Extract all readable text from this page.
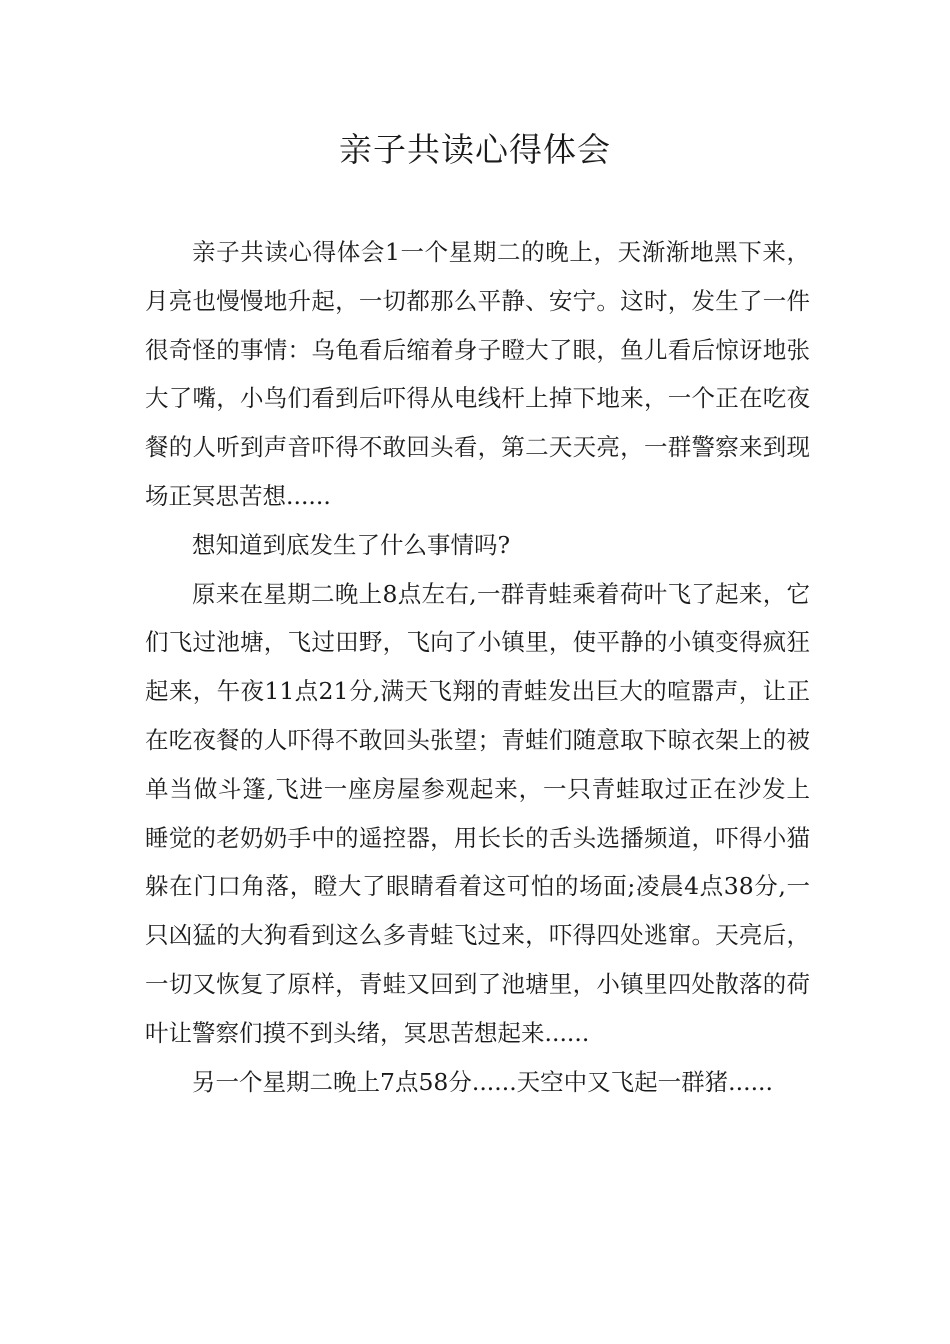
亲子共读心得体会

亲子共读心得体会1一个星期二的晚上，天渐渐地黑下来，月亮也慢慢地升起，一切都那么平静、安宁。这时，发生了一件很奇怪的事情：乌龟看后缩着身子瞪大了眼，鱼儿看后惊讶地张大了嘴，小鸟们看到后吓得从电线杆上掉下地来，一个正在吃夜餐的人听到声音吓得不敢回头看，第二天天亮，一群警察来到现场正冥思苦想......

想知道到底发生了什么事情吗?

原来在星期二晚上8点左右,一群青蛙乘着荷叶飞了起来，它们飞过池塘，飞过田野，飞向了小镇里，使平静的小镇变得疯狂起来，午夜11点21分,满天飞翔的青蛙发出巨大的喧嚣声，让正在吃夜餐的人吓得不敢回头张望；青蛙们随意取下晾衣架上的被单当做斗篷,飞进一座房屋参观起来，一只青蛙取过正在沙发上睡觉的老奶奶手中的遥控器，用长长的舌头选播频道，吓得小猫躲在门口角落，瞪大了眼睛看着这可怕的场面;凌晨4点38分,一只凶猛的大狗看到这么多青蛙飞过来，吓得四处逃窜。天亮后，一切又恢复了原样，青蛙又回到了池塘里，小镇里四处散落的荷叶让警察们摸不到头绪，冥思苦想起来......

另一个星期二晚上7点58分......天空中又飞起一群猪......
